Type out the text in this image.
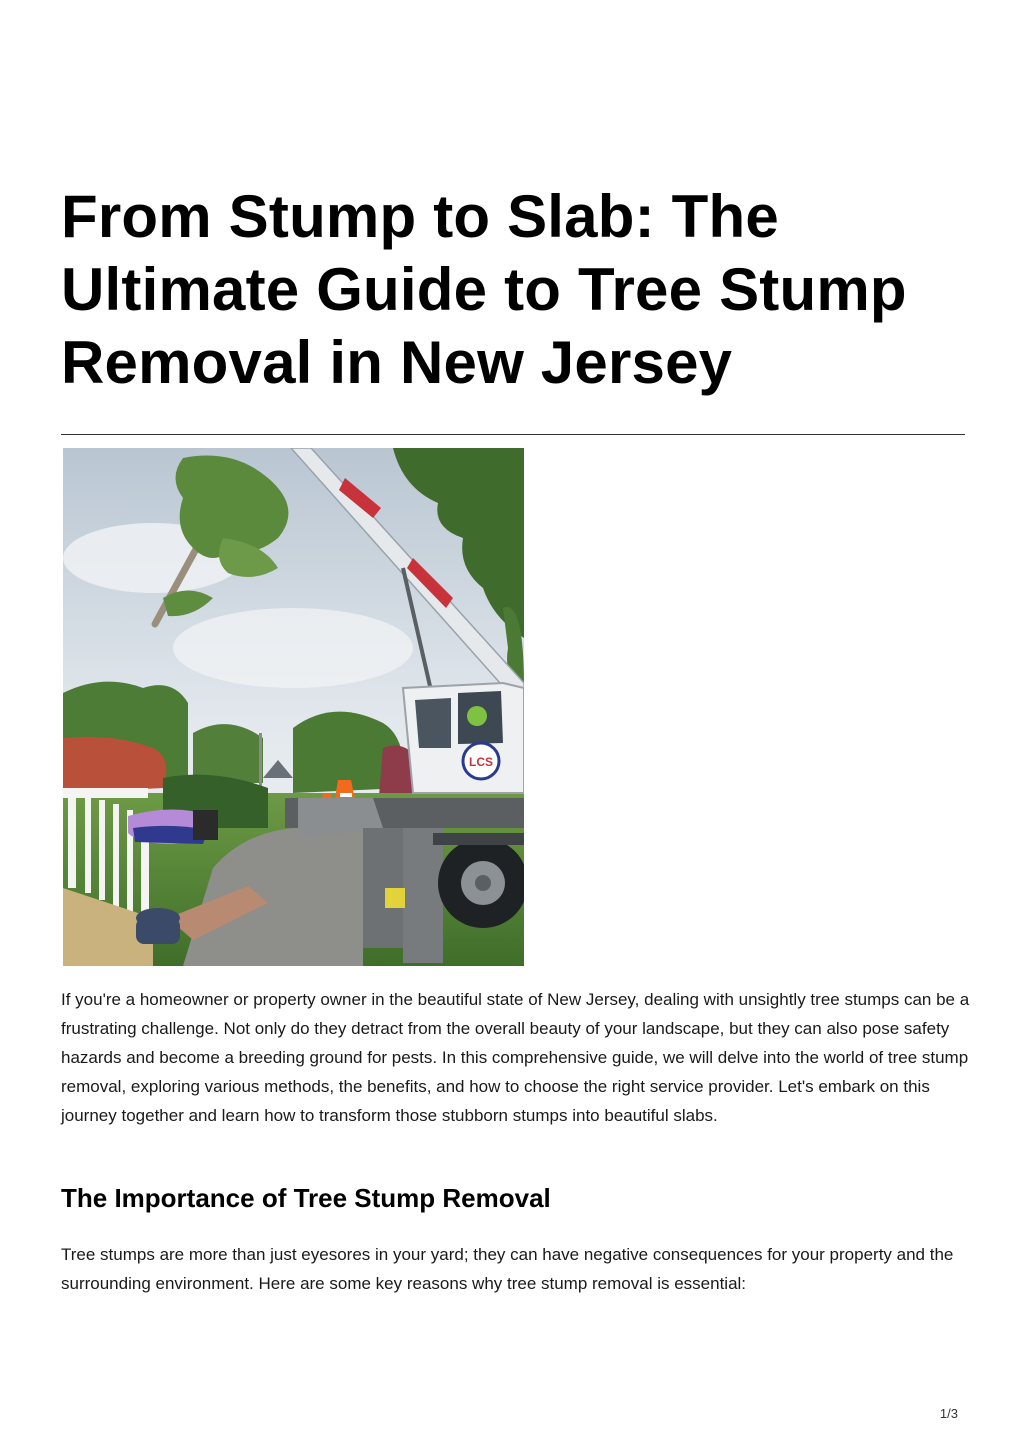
From Stump to Slab: The Ultimate Guide to Tree Stump Removal in New Jersey
LCS

If you're a homeowner or property owner in the beautiful state of New Jersey, dealing with unsightly tree stumps can be a frustrating challenge. Not only do they detract from the overall beauty of your landscape, but they can also pose safety hazards and become a breeding ground for pests. In this comprehensive guide, we will delve into the world of tree stump removal, exploring various methods, the benefits, and how to choose the right service provider. Let's embark on this journey together and learn how to transform those stubborn stumps into beautiful slabs.

The Importance of Tree Stump Removal

Tree stumps are more than just eyesores in your yard; they can have negative consequences for your property and the surrounding environment. Here are some key reasons why tree stump removal is essential:

1/3
